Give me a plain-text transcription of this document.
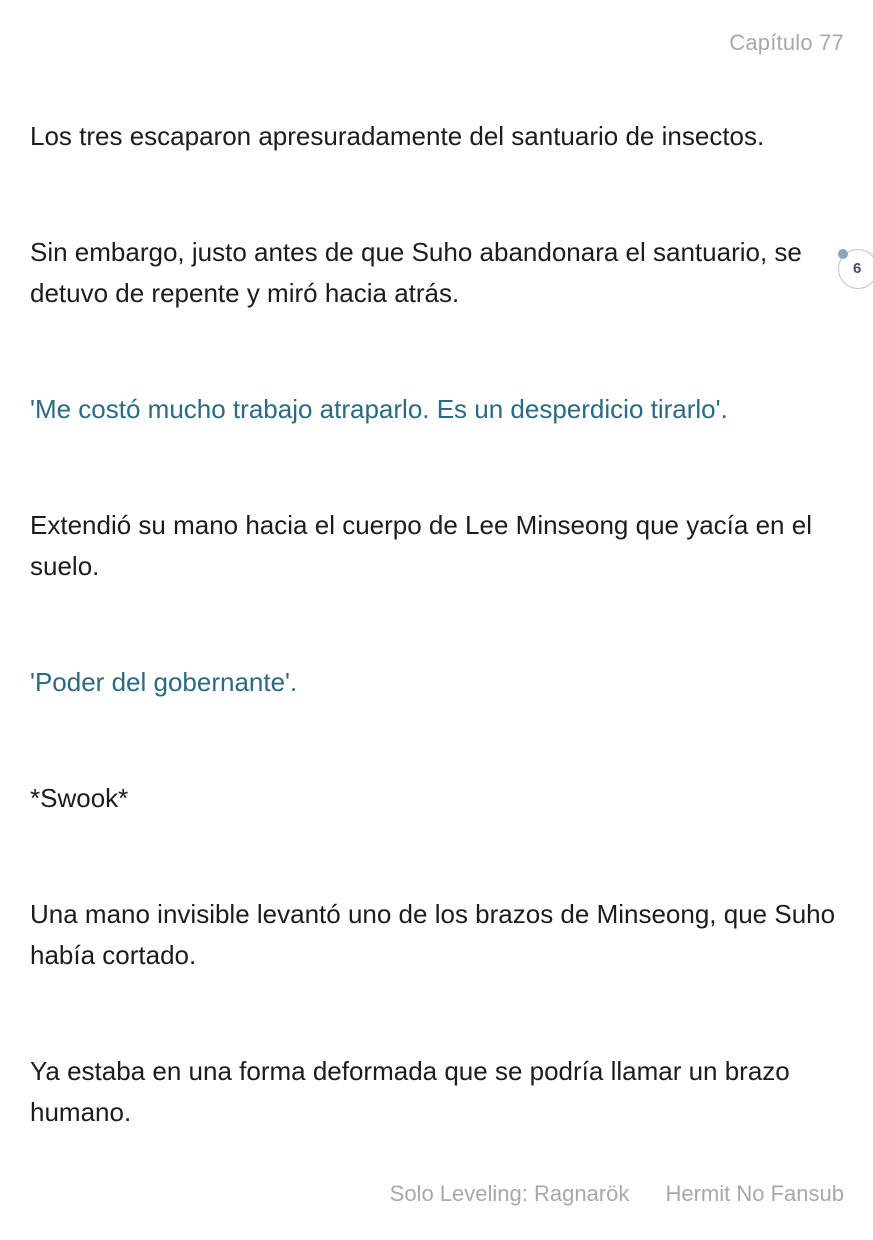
Capítulo 77

Los tres escaparon apresuradamente del santuario de insectos.

Sin embargo, justo antes de que Suho abandonara el santuario, se detuvo de repente y miró hacia atrás.

'Me costó mucho trabajo atraparlo. Es un desperdicio tirarlo'.

Extendió su mano hacia el cuerpo de Lee Minseong que yacía en el suelo.

'Poder del gobernante'.

*Swook*

Una mano invisible levantó uno de los brazos de Minseong, que Suho había cortado.

Ya estaba en una forma deformada que se podría llamar un brazo humano.

6
Solo Leveling: Ragnarök Hermit No Fansub
